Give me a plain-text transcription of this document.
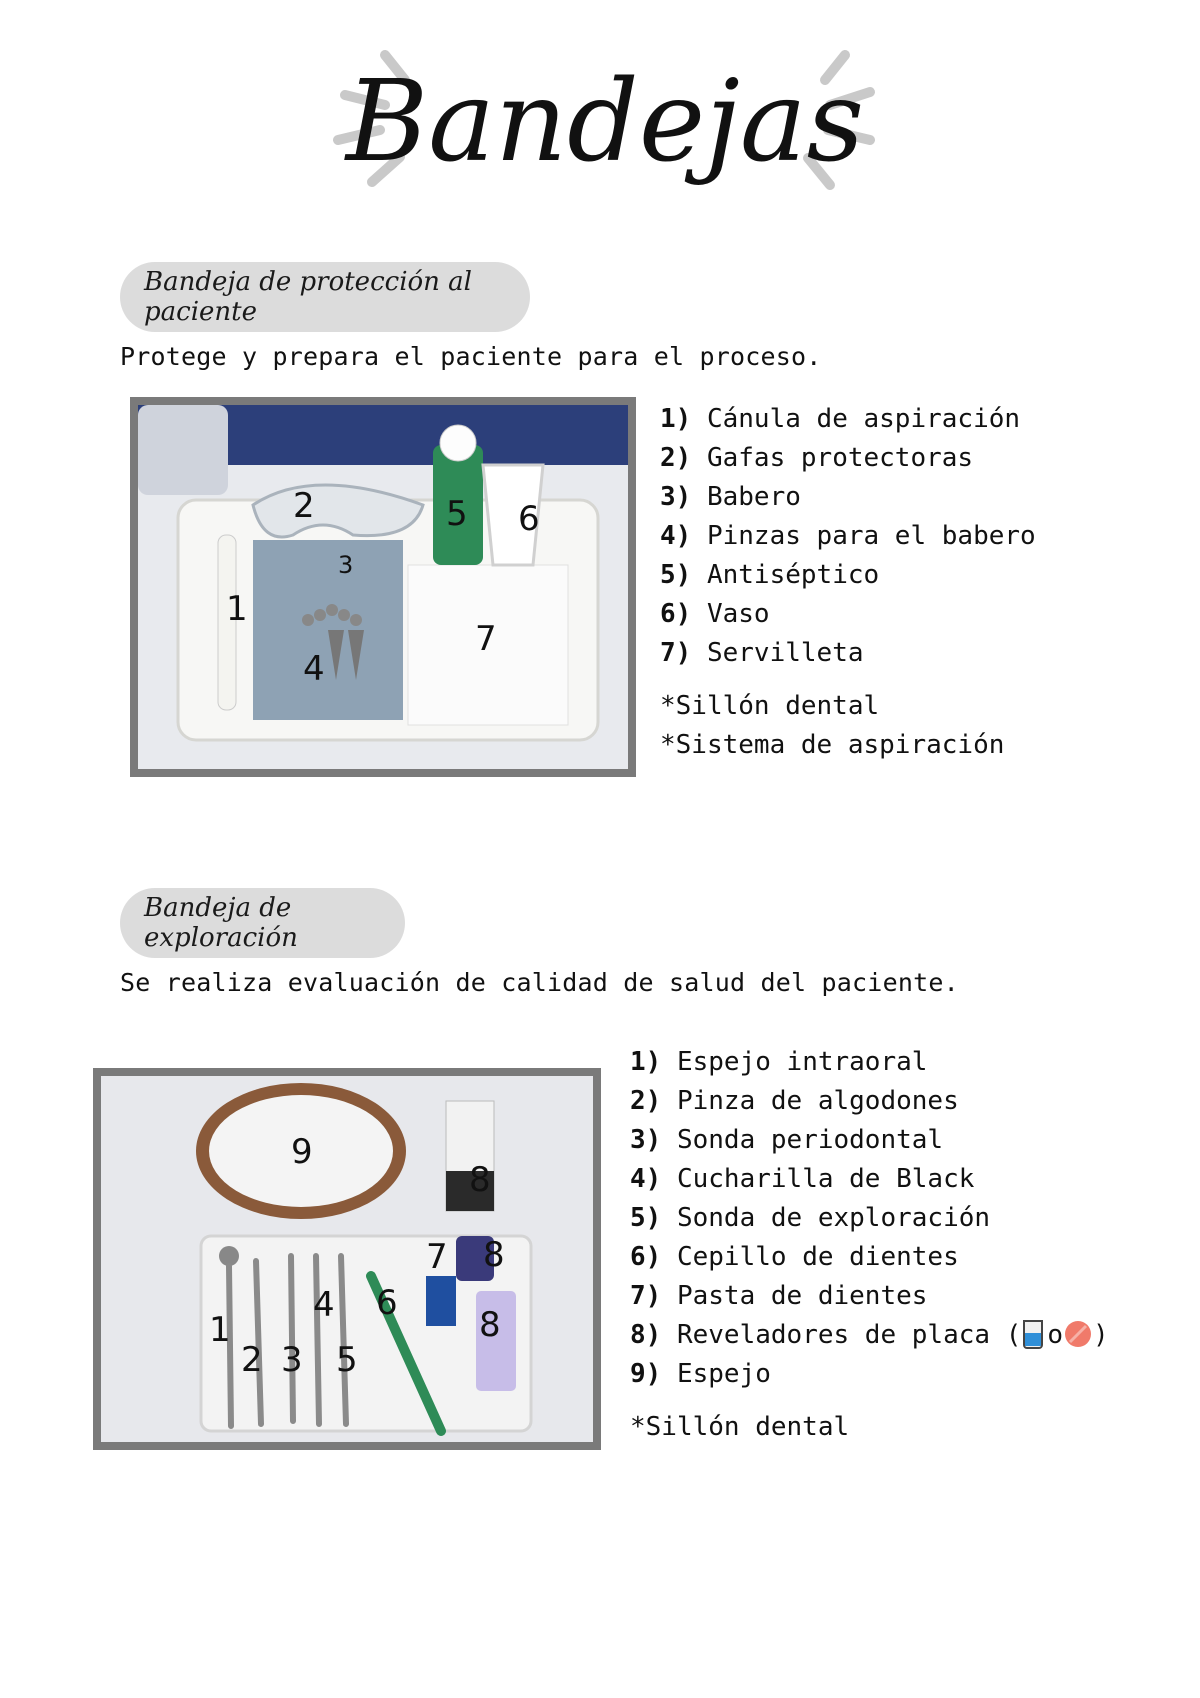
Bandejas
Bandeja de protección al paciente
Protege y prepara el paciente para el proceso.
1
2
3
4
5 6
7
1) Cánula de aspiración
2) Gafas protectoras
3) Babero
4) Pinzas para el babero
5) Antiséptico
6) Vaso
7) Servilleta
*Sillón dental
*Sistema de aspiración
Bandeja de exploración
Se realiza evaluación de calidad de salud del paciente.
9
8
7 8
1
4 6
8
2 3 5
1) Espejo intraoral
2) Pinza de algodones
3) Sonda periodontal
4) Cucharilla de Black
5) Sonda de exploración
6) Cepillo de dientes
7) Pasta de dientes
8) Reveladores de placa ( o )
9) Espejo
*Sillón dental
